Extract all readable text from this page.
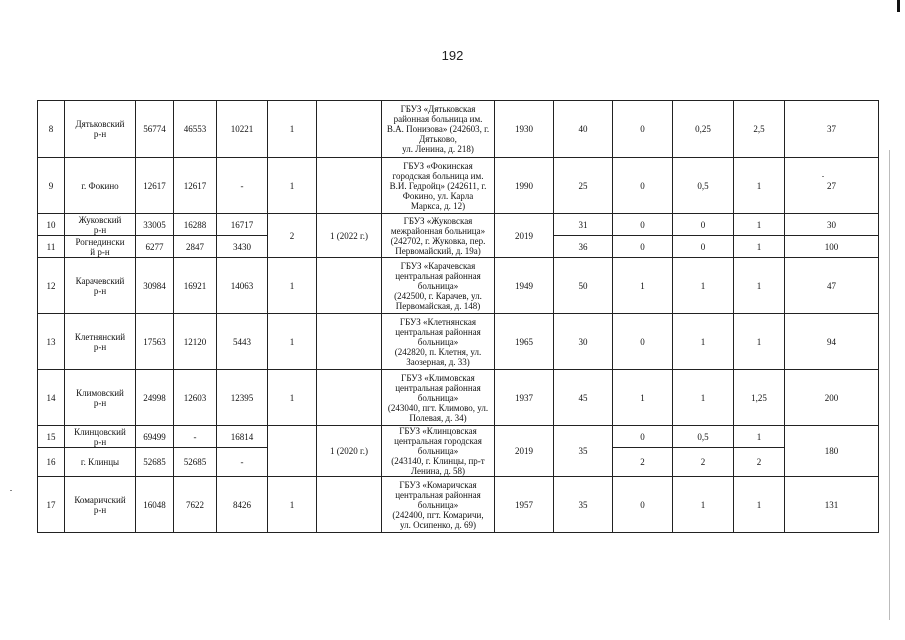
192
8	Дятьковский
р-н	56774	46553	10221	1		ГБУЗ «Дятьковская
районная больница им.
В.А. Понизова» (242603, г.
Дятьково,
ул. Ленина, д. 218)	1930	40	0	0,25	2,5	37
9	г. Фокино	12617	12617	-	1		ГБУЗ «Фокинская
городская больница им.
В.И. Гедройц» (242611, г.
Фокино, ул. Карла
Маркса, д. 12)	1990	25	0	0,5	1	27
10	Жуковский
р-н	33005	16288	16717	2	1 (2022 г.)	ГБУЗ «Жуковская
межрайонная больница»
(242702, г. Жуковка, пер.
Первомайский, д. 19а)	2019	31	0	0	1	30
11	Рогнедински
й р-н	6277	2847	3430					36	0	0	1	100
12	Карачевский
р-н	30984	16921	14063	1		ГБУЗ «Карачевская
центральная районная
больница»
(242500, г. Карачев, ул.
Первомайская, д. 148)	1949	50	1	1	1	47
13	Клетнянский
р-н	17563	12120	5443	1		ГБУЗ «Клетнянская
центральная районная
больница»
(242820, п. Клетня, ул.
Заозерная, д. 33)	1965	30	0	1	1	94
14	Климовский
р-н	24998	12603	12395	1		ГБУЗ «Климовская
центральная районная
больница»
(243040, пгт. Климово, ул.
Полевая, д. 34)	1937	45	1	1	1,25	200
15	Клинцовский
р-н	69499	-	16814		1 (2020 г.)	ГБУЗ «Клинцовская
центральная городская
больница»
(243140, г. Клинцы, пр-т
Ленина, д. 58)	2019	35	0	0,5	1	180
16	г. Клинцы	52685	52685	-						2	2	2	
17	Комаричский
р-н	16048	7622	8426	1		ГБУЗ «Комаричская
центральная районная
больница»
(242400, пгт. Комаричи,
ул. Осипенко, д. 69)	1957	35	0	1	1	131
